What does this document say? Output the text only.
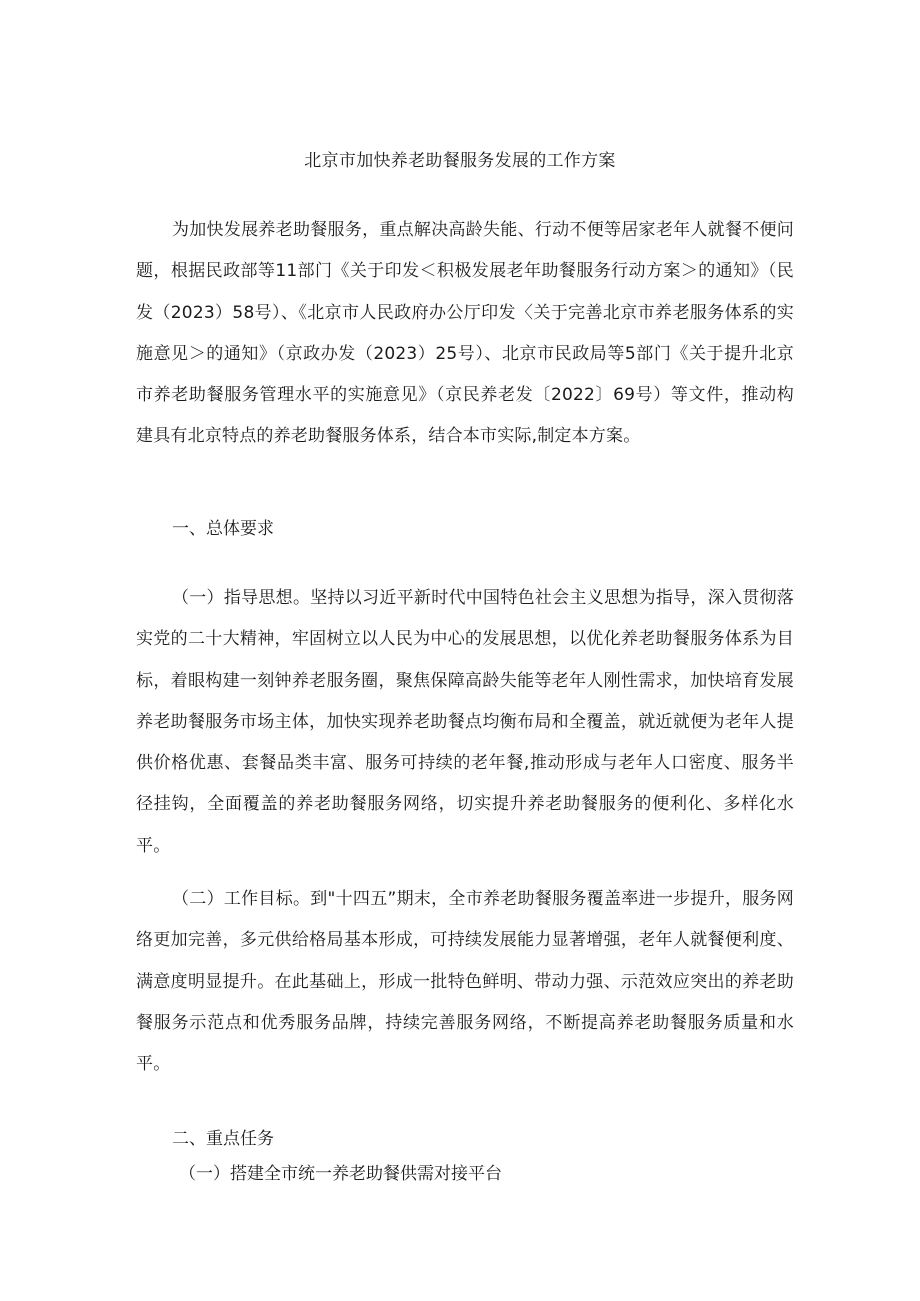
北京市加快养老助餐服务发展的工作方案

为加快发展养老助餐服务，重点解决高龄失能、行动不便等居家老年人就餐不便问题，根据民政部等11部门《关于印发＜积极发展老年助餐服务行动方案＞的通知》（民发（2023）58号）、《北京市人民政府办公厅印发〈关于完善北京市养老服务体系的实施意见＞的通知》（京政办发（2023）25号）、北京市民政局等5部门《关于提升北京市养老助餐服务管理水平的实施意见》（京民养老发〔2022〕69号）等文件，推动构建具有北京特点的养老助餐服务体系，结合本市实际,制定本方案。

一、总体要求

（一）指导思想。坚持以习近平新时代中国特色社会主义思想为指导，深入贯彻落实党的二十大精神，牢固树立以人民为中心的发展思想，以优化养老助餐服务体系为目标，着眼构建一刻钟养老服务圈，聚焦保障高龄失能等老年人刚性需求，加快培育发展养老助餐服务市场主体，加快实现养老助餐点均衡布局和全覆盖，就近就便为老年人提供价格优惠、套餐品类丰富、服务可持续的老年餐,推动形成与老年人口密度、服务半径挂钩，全面覆盖的养老助餐服务网络，切实提升养老助餐服务的便利化、多样化水平。

（二）工作目标。到"十四五”期末，全市养老助餐服务覆盖率进一步提升，服务网络更加完善，多元供给格局基本形成，可持续发展能力显著增强，老年人就餐便利度、满意度明显提升。在此基础上，形成一批特色鲜明、带动力强、示范效应突出的养老助餐服务示范点和优秀服务品牌，持续完善服务网络，不断提高养老助餐服务质量和水平。

二、重点任务
（一）搭建全市统一养老助餐供需对接平台
